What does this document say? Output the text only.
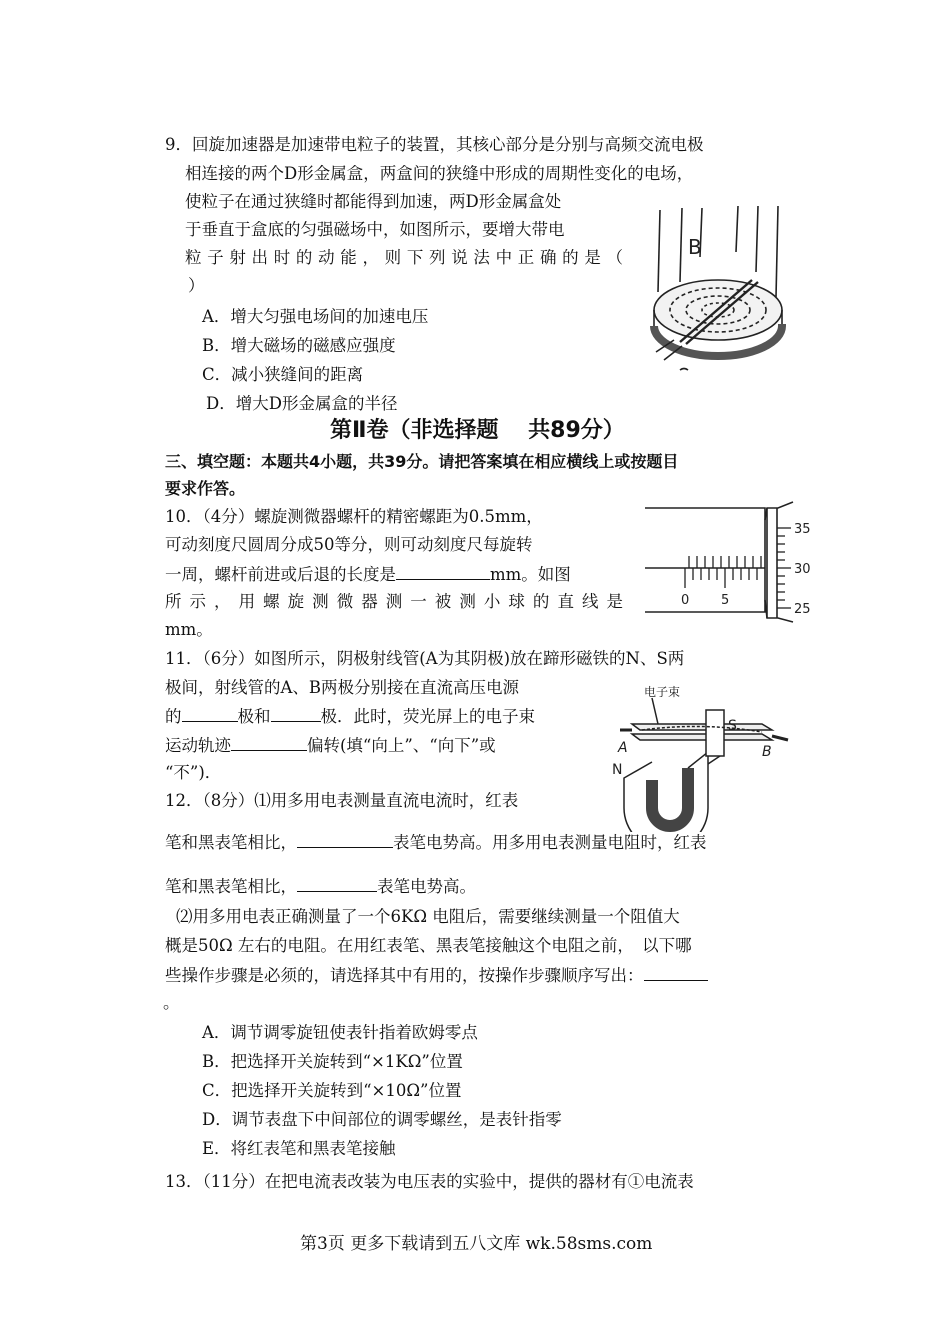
9．回旋加速器是加速带电粒子的装置，其核心部分是分别与高频交流电极
相连接的两个D形金属盒，两盒间的狭缝中形成的周期性变化的电场，
使粒子在通过狭缝时都能得到加速，两D形金属盒处
于垂直于盒底的匀强磁场中，如图所示，要增大带电
粒子射出时的动能，则下列说法中正确的是（
）
A．增大匀强电场间的加速电压
B．增大磁场的磁感应强度
C．减小狭缝间的距离
D．增大D形金属盒的半径
B
第Ⅱ卷（非选择题　 共89分）
三、填空题：本题共4小题，共39分。请把答案填在相应横线上或按题目
要求作答。
10．（4分）螺旋测微器螺杆的精密螺距为0.5mm，
可动刻度尺圆周分成50等分，则可动刻度尺每旋转
一周，螺杆前进或后退的长度是	mm。如图
所示，用螺旋测微器测一被测小球的直线是
mm。
35
30
25
0 5
11．（6分）如图所示，阴极射线管(A为其阴极)放在蹄形磁铁的N、S两
极间，射线管的A、B两极分别接在直流高压电源
的	极和	极．此时，荧光屏上的电子束
运动轨迹	偏转(填“向上”、“向下”或
“不”)．
电子束
S
N
A	B
12．（8分）⑴用多用电表测量直流电流时，红表
笔和黑表笔相比，	表笔电势高。用多用电表测量电阻时，红表
笔和黑表笔相比，	表笔电势高。
⑵用多用电表正确测量了一个6KΩ 电阻后，需要继续测量一个阻值大
概是50Ω 左右的电阻。在用红表笔、黑表笔接触这个电阻之前，　以下哪
些操作步骤是必须的，请选择其中有用的，按操作步骤顺序写出：
。
A．调节调零旋钮使表针指着欧姆零点
B．把选择开关旋转到“×1KΩ”位置
C．把选择开关旋转到“×10Ω”位置
D．调节表盘下中间部位的调零螺丝，是表针指零
E．将红表笔和黑表笔接触
13．（11分）在把电流表改装为电压表的实验中，提供的器材有①电流表
第3页 更多下载请到五八文库 wk.58sms.com
